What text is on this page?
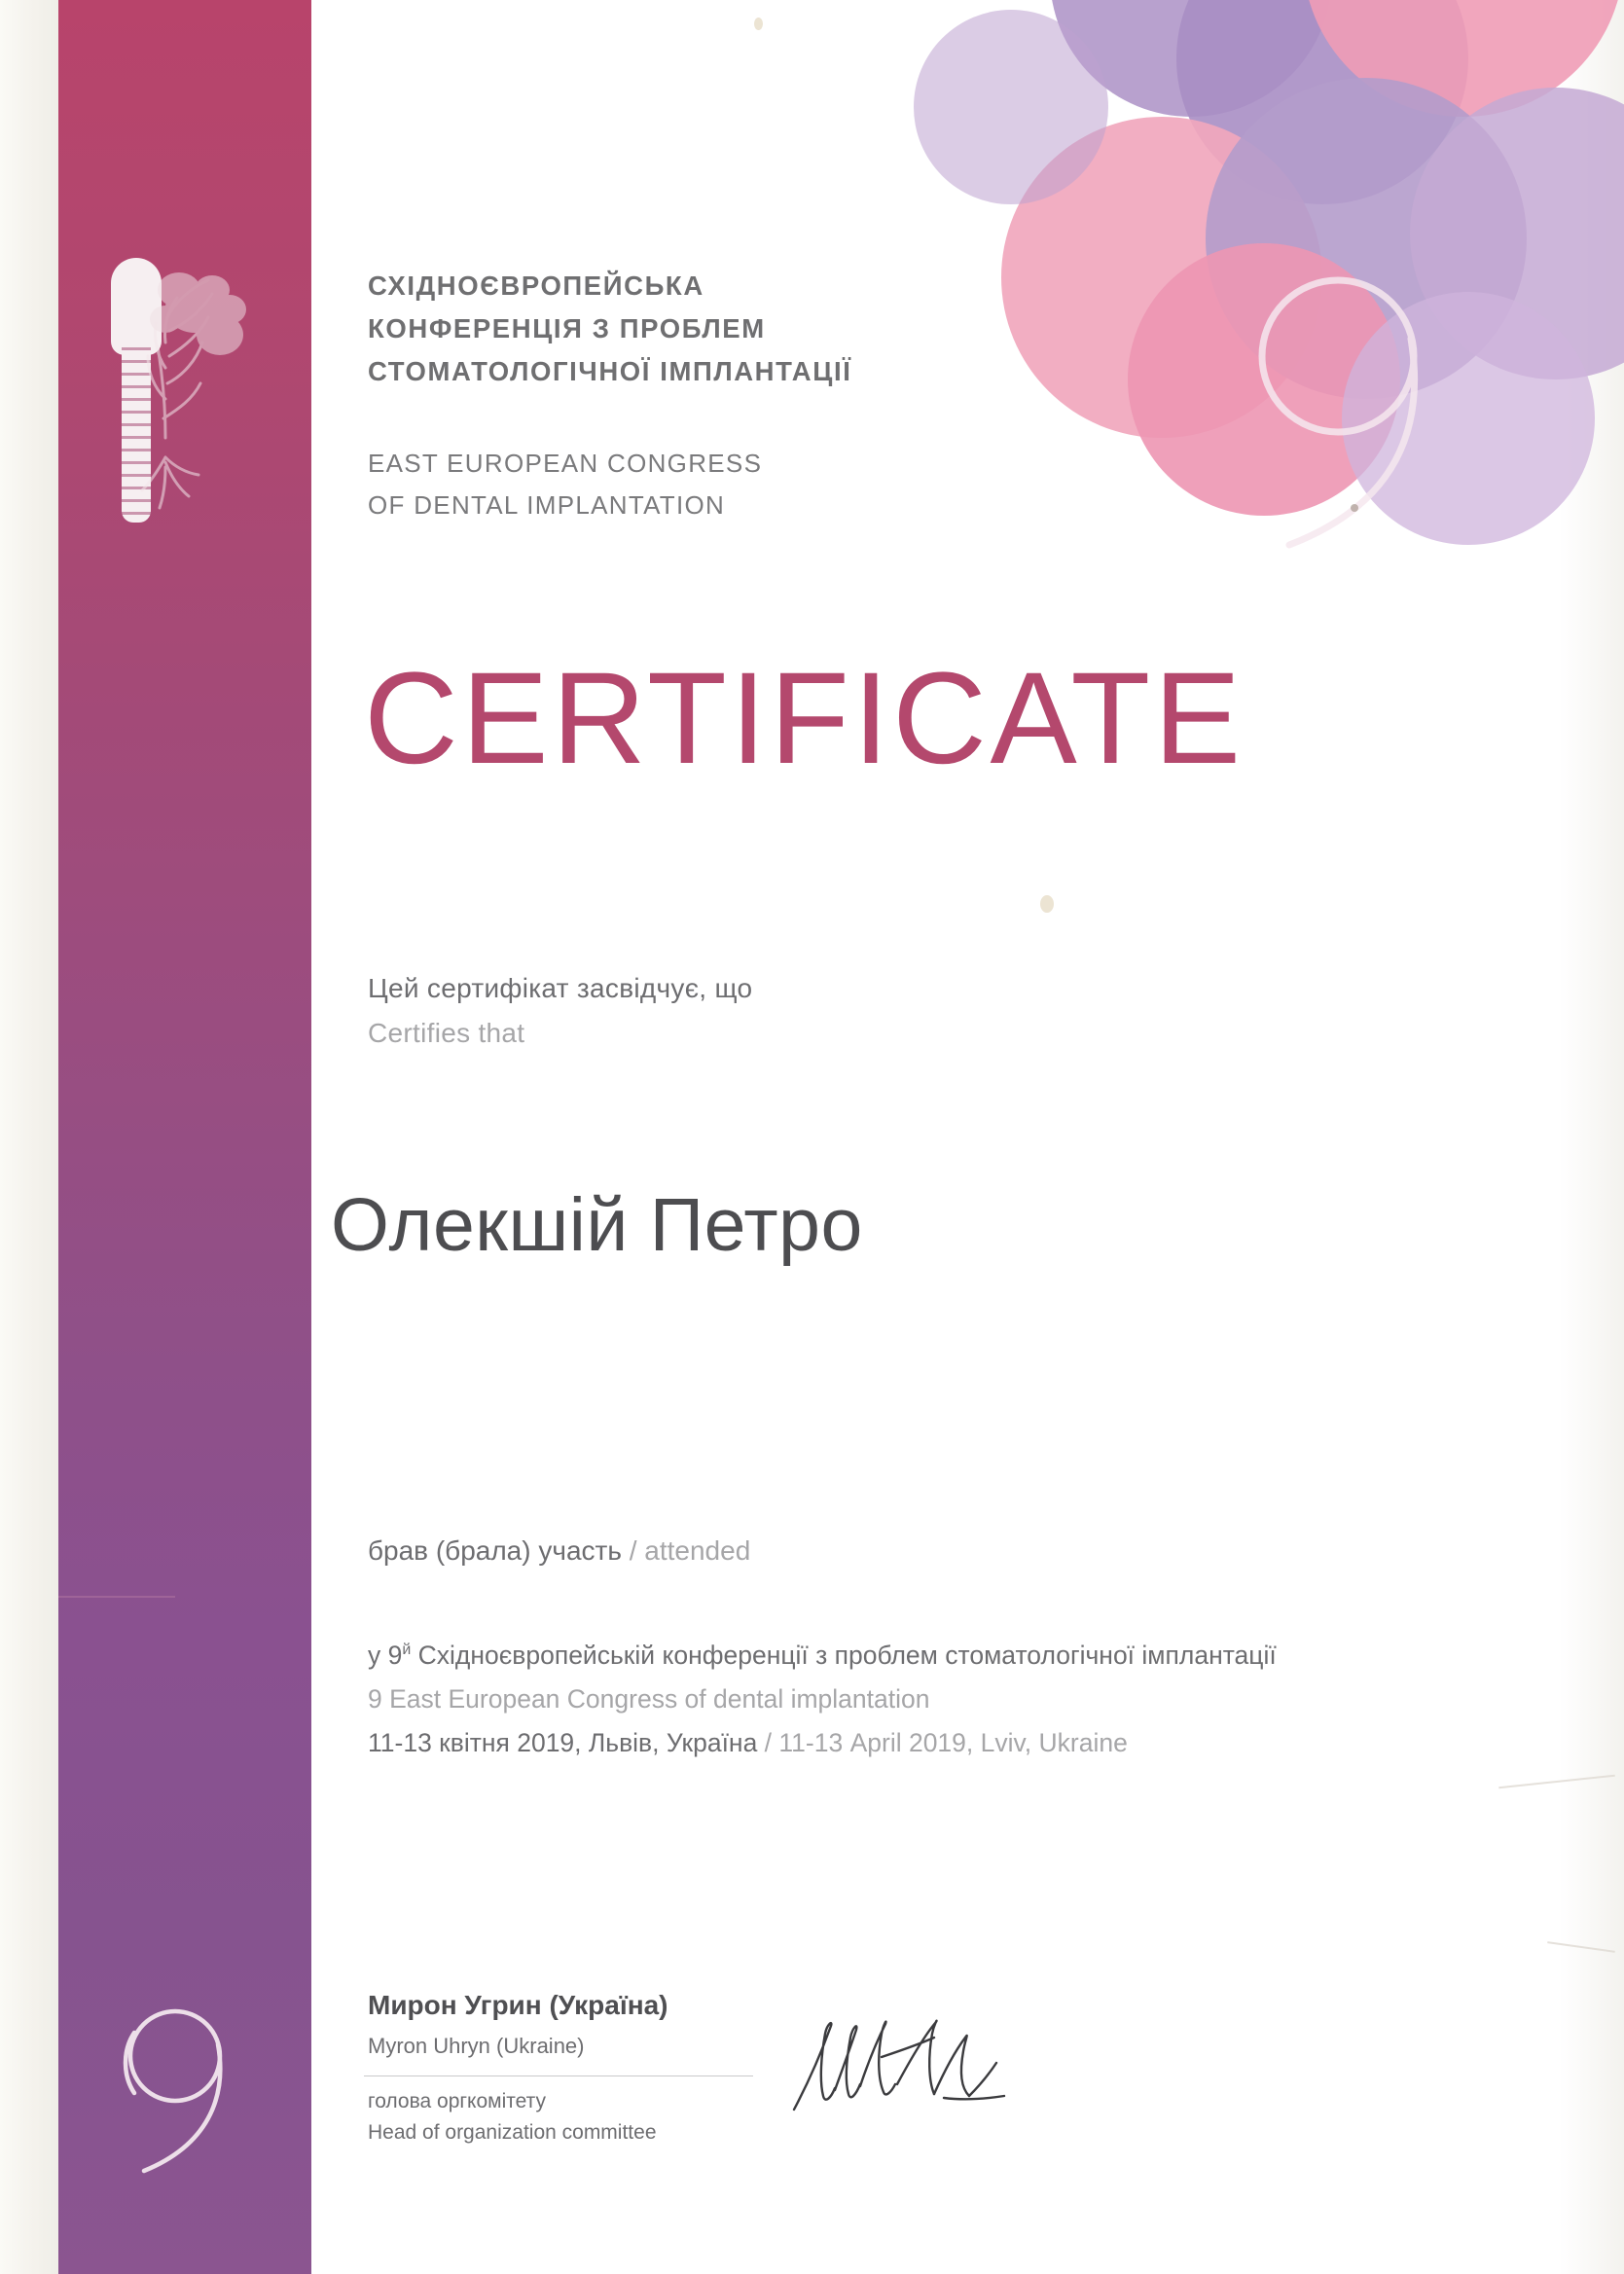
СХІДНОЄВРОПЕЙСЬКА
КОНФЕРЕНЦІЯ З ПРОБЛЕМ
СТОМАТОЛОГІЧНОЇ ІМПЛАНТАЦІЇ
EAST EUROPEAN CONGRESS
OF DENTAL IMPLANTATION
CERTIFICATE
Цей сертифікат засвідчує, що
Certifies that
Олекшій Петро
брав (брала) участь / attended
у $9^й$ Східноєвропейській конференції з проблем стоматологічної імплантації
9 East European Congress of dental implantation
11-13 квітня 2019, Львів, Україна / 11-13 April 2019, Lviv, Ukraine
Мирон Угрин (Україна)
Myron Uhryn (Ukraine)
голова оргкомітету
Head of organization committee
